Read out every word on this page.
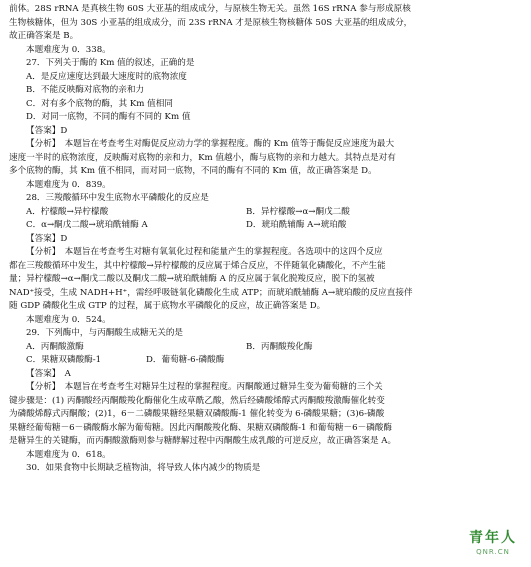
前体。28S rRNA 是真核生物 60S 大亚基的组成成分，与原核生物无关。虽然 16S rRNA 参与形成原核
生物核糖体，但为 30S 小亚基的组成成分，而 23S rRNA 才是原核生物核糖体 50S 大亚基的组成成分，
故正确答案是 B。
本题难度为 0．338。
27．下列关于酶的 Km 值的叙述，正确的是
A．是反应速度达到最大速度时的底物浓度
B．不能反映酶对底物的亲和力
C．对有多个底物的酶，其 Km 值相同
D．对同一底物，不同的酶有不同的 Km 值
【答案】D
【分析】　本题旨在考查考生对酶促反应动力学的掌握程度。酶的 Km 值等于酶促反应速度为最大
速度一半时的底物浓度，反映酶对底物的亲和力，Km 值越小，酶与底物的亲和力越大。其特点是对有
多个底物的酶，其 Km 值不相同，而对同一底物，不同的酶有不同的 Km 值，故正确答案是 D。
本题难度为 0．839。
28．三羧酸循环中发生底物水平磷酸化的反应是
A．柠檬酸→异柠檬酸	B．异柠檬酸→α→酮戊二酸
C．α→酮戊二酸→琥珀酰辅酶 A	D．琥珀酰辅酶 A→琥珀酸
【答案】D
【分析】　本题旨在考查考生对糖有氧氧化过程和能量产生的掌握程度。各选项中的这四个反应
都在三羧酸循环中发生，其中柠檬酸→异柠檬酸的反应属于烯合反应，不伴随氧化磷酸化，不产生能
量；异柠檬酸→α→酮戊二酸以及酮戊二酸→琥珀酰辅酶 A 的反应属于氧化脱羧反应，脱下的氢被
NAD⁺接受，生成 NADH+H⁺，需经呼吸链氧化磷酸化生成 ATP；而琥珀酰辅酶 A→琥珀酸的反应直接伴
随 GDP 磷酸化生成 GTP 的过程，属于底物水平磷酸化的反应，故正确答案是 D。
本题难度为 0．524。
29．下列酶中，与丙酮酸生成糖无关的是
A．丙酮酸激酶	B．丙酮酸羧化酶
C．果糖双磷酸酶-1	D．葡萄糖-6-磷酸酶
【答案】　A
【分析】　本题旨在考查考生对糖异生过程的掌握程度。丙酮酸通过糖异生变为葡萄糖的三个关
键步骤是：(1) 丙酮酸经丙酮酸羧化酶催化生成草酰乙酸，然后经磷酸烯醇式丙酮酸羧激酶催化转变
为磷酸烯醇式丙酮酸；(2)1，6－二磷酸果糖经果糖双磷酸酶-1 催化转变为 6-磷酸果糖；(3)6-磷酸
果糖经葡萄糖－6－磷酸酶水解为葡萄糖。因此丙酮酸羧化酶、果糖双磷酸酶-1 和葡萄糖－6－磷酸酶
是糖异生的关键酶，而丙酮酸激酶则参与糖酵解过程中丙酮酸生成乳酸的可逆反应，故正确答案是 A。
本题难度为 0．618。
30．如果食物中长期缺乏植物油，将导致人体内减少的物质是
青年人
QNR.CN
